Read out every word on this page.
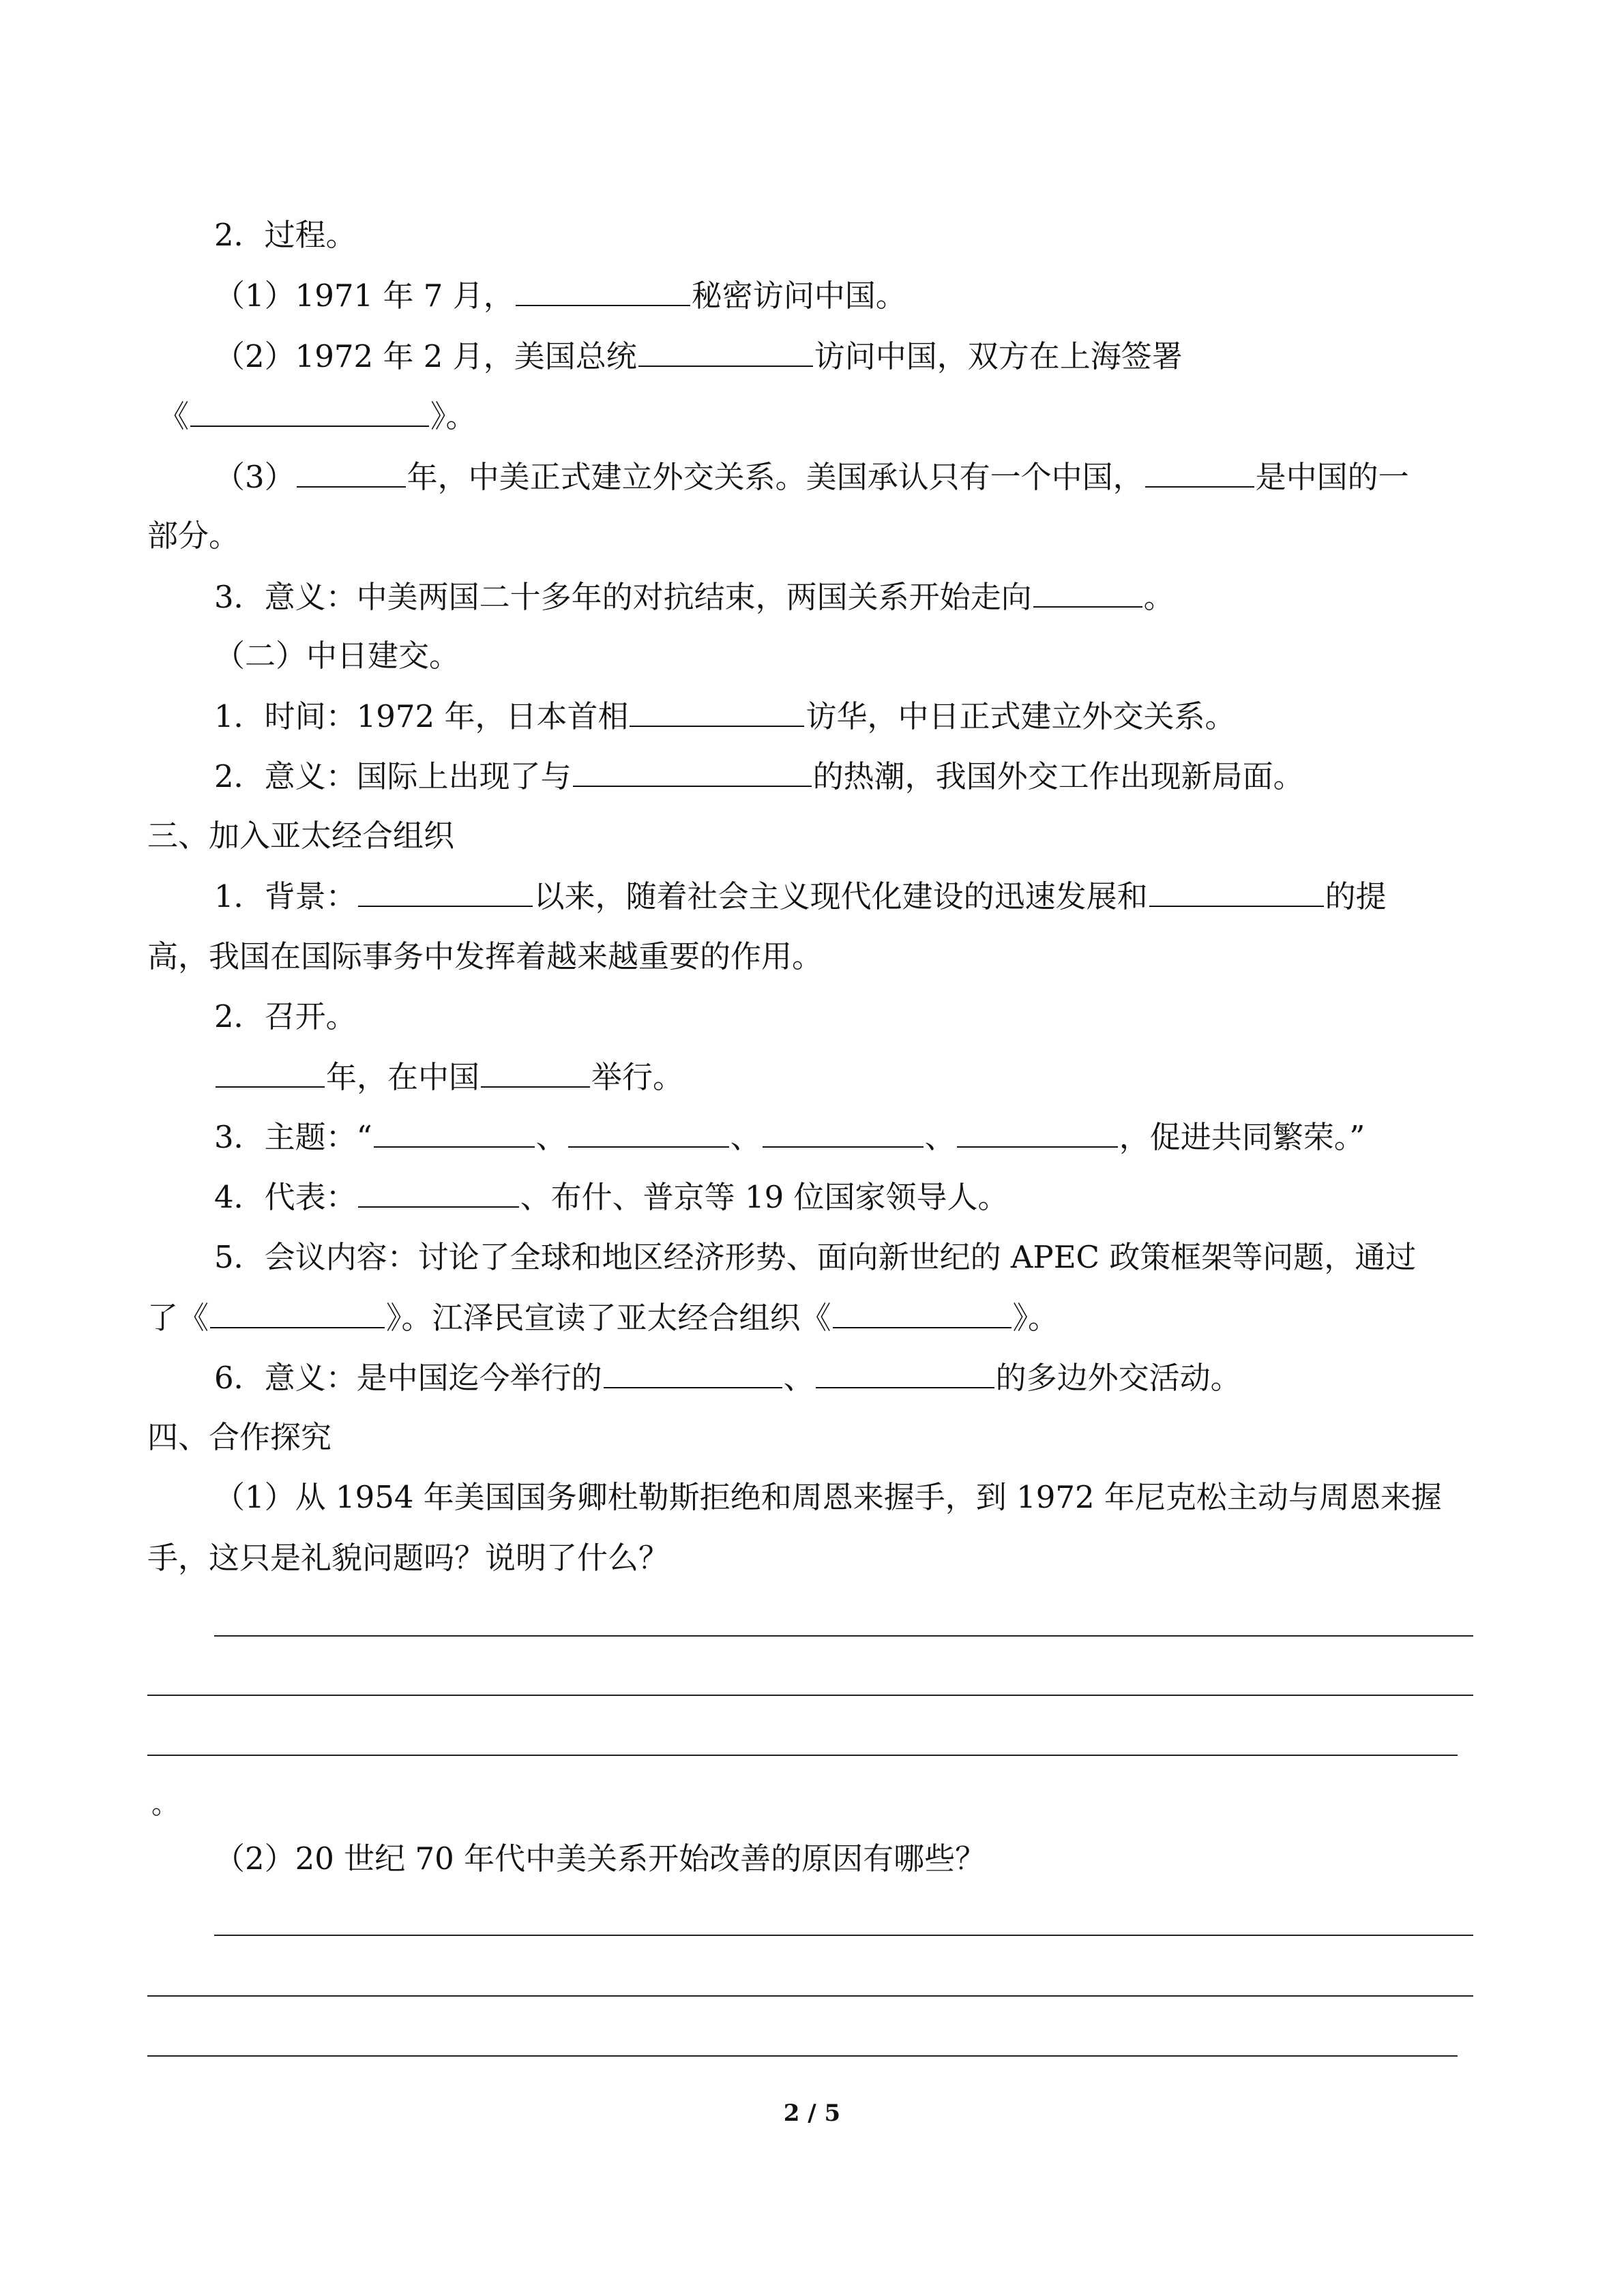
2．过程。
（1）1971 年 7 月，	秘密访问中国。
（2）1972 年 2 月，美国总统	访问中国，双方在上海签署
《	》。
（3）	年，中美正式建立外交关系。美国承认只有一个中国，	是中国的一
部分。
3．意义：中美两国二十多年的对抗结束，两国关系开始走向	。
（二）中日建交。
1．时间：1972 年，日本首相	访华，中日正式建立外交关系。
2．意义：国际上出现了与	的热潮，我国外交工作出现新局面。
三、加入亚太经合组织
1．背景：	以来，随着社会主义现代化建设的迅速发展和	的提
高，我国在国际事务中发挥着越来越重要的作用。
2．召开。
年，在中国	举行。
3．主题：“	、	、	、	，促进共同繁荣。”
4．代表：	、布什、普京等 19 位国家领导人。
5．会议内容：讨论了全球和地区经济形势、面向新世纪的 APEC 政策框架等问题，通过
了《	》。江泽民宣读了亚太经合组织《	》。
6．意义：是中国迄今举行的	、	的多边外交活动。
四、合作探究
（1）从 1954 年美国国务卿杜勒斯拒绝和周恩来握手，到 1972 年尼克松主动与周恩来握
手，这只是礼貌问题吗？说明了什么？
。
（2）20 世纪 70 年代中美关系开始改善的原因有哪些？
2 / 5
